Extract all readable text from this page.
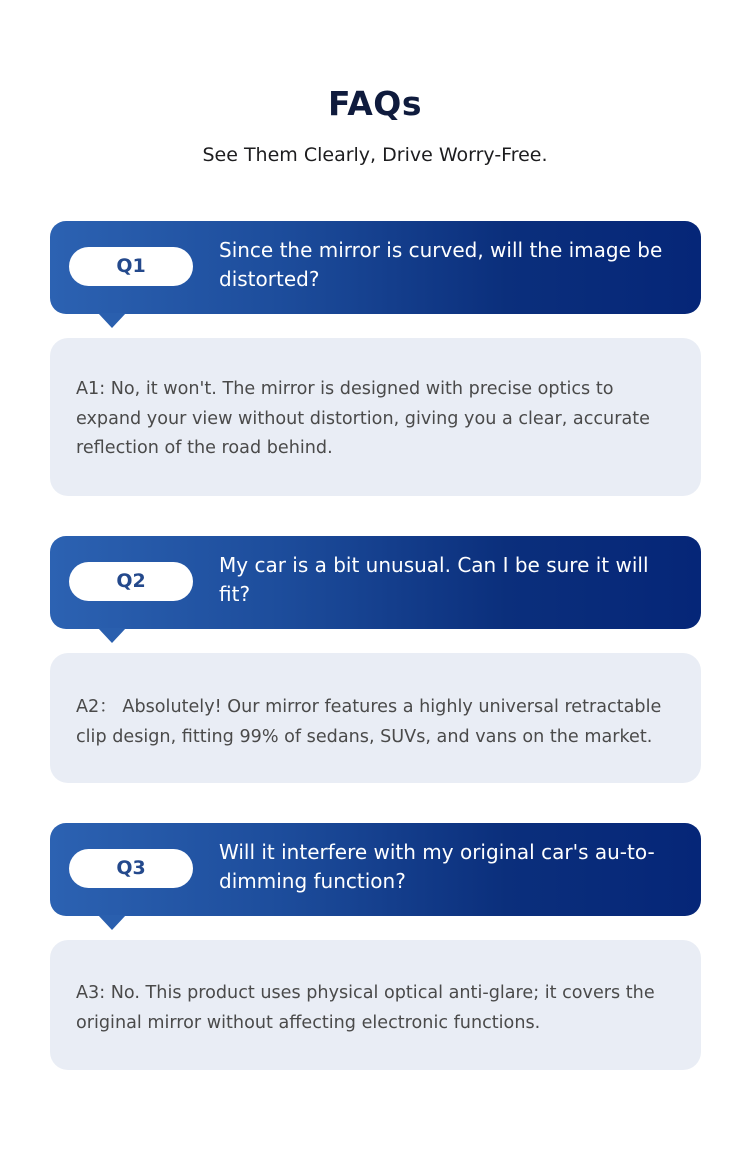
FAQs

See Them Clearly, Drive Worry-Free.

Q1
Since the mirror is curved, will the image be distorted?
A1: No, it won't. The mirror is designed with precise optics to expand your view without distortion, giving you a clear, accurate reflection of the road behind.
Q2
My car is a bit unusual. Can I be sure it will fit?
A2： Absolutely! Our mirror features a highly universal retractable clip design, fitting 99% of sedans, SUVs, and vans on the market.
Q3
Will it interfere with my original car's au-to-dimming function?
A3: No. This product uses physical optical anti-glare; it covers the original mirror without affecting electronic functions.
